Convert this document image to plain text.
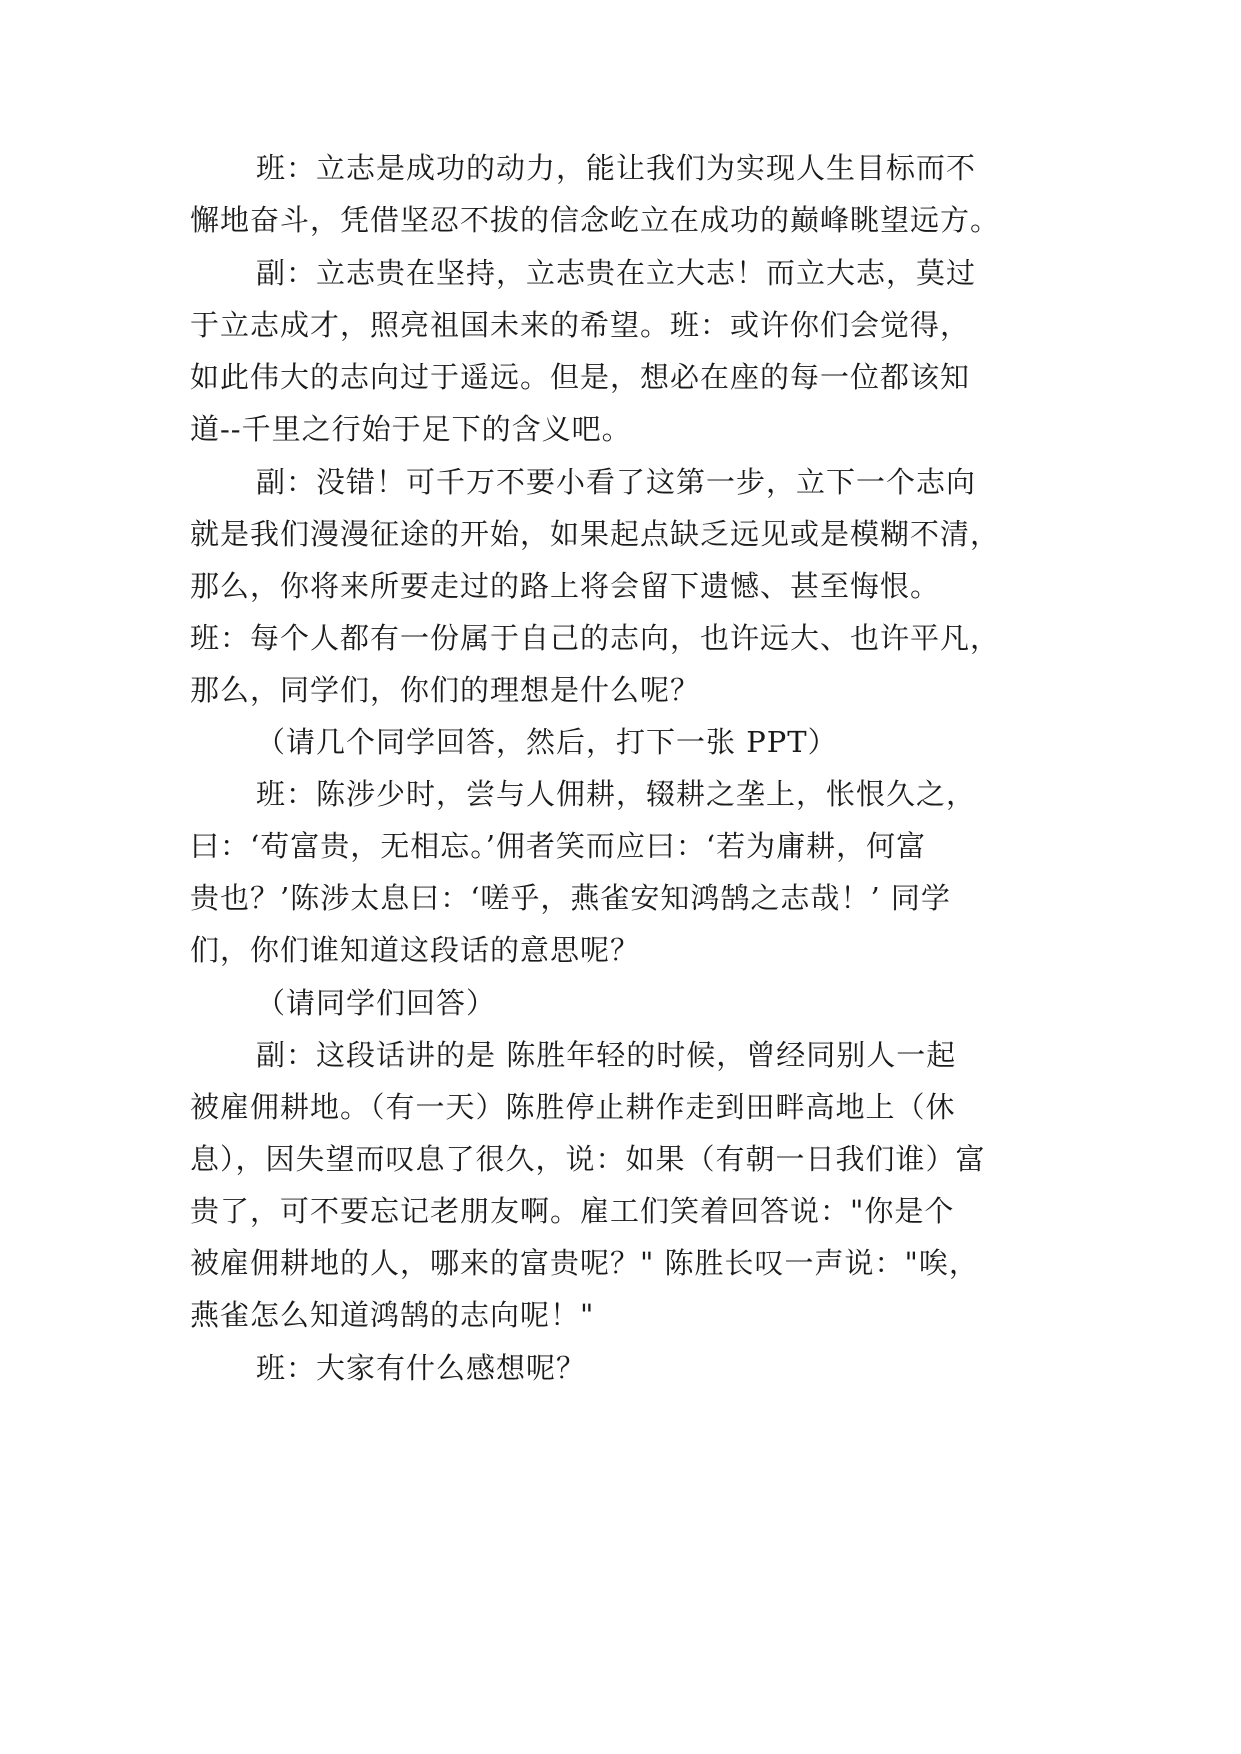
班：立志是成功的动力，能让我们为实现人生目标而不
懈地奋斗，凭借坚忍不拔的信念屹立在成功的巅峰眺望远方。
副：立志贵在坚持，立志贵在立大志！而立大志，莫过
于立志成才，照亮祖国未来的希望。班：或许你们会觉得，
如此伟大的志向过于遥远。但是，想必在座的每一位都该知
道--千里之行始于足下的含义吧。
副：没错！可千万不要小看了这第一步，立下一个志向
就是我们漫漫征途的开始，如果起点缺乏远见或是模糊不清，
那么，你将来所要走过的路上将会留下遗憾、甚至悔恨。
班：每个人都有一份属于自己的志向，也许远大、也许平凡，
那么，同学们，你们的理想是什么呢？
（请几个同学回答，然后，打下一张 PPT）
班：陈涉少时，尝与人佣耕，辍耕之垄上，怅恨久之，
曰：‘苟富贵，无相忘。’佣者笑而应曰：‘若为庸耕，何富
贵也？’陈涉太息曰：‘嗟乎，燕雀安知鸿鹄之志哉！’ 同学
们，你们谁知道这段话的意思呢？
（请同学们回答）
副：这段话讲的是 陈胜年轻的时候，曾经同别人一起
被雇佣耕地。（有一天）陈胜停止耕作走到田畔高地上（休
息），因失望而叹息了很久，说：如果（有朝一日我们谁）富
贵了，可不要忘记老朋友啊。雇工们笑着回答说："你是个
被雇佣耕地的人，哪来的富贵呢？" 陈胜长叹一声说："唉，
燕雀怎么知道鸿鹄的志向呢！"
班：大家有什么感想呢？
